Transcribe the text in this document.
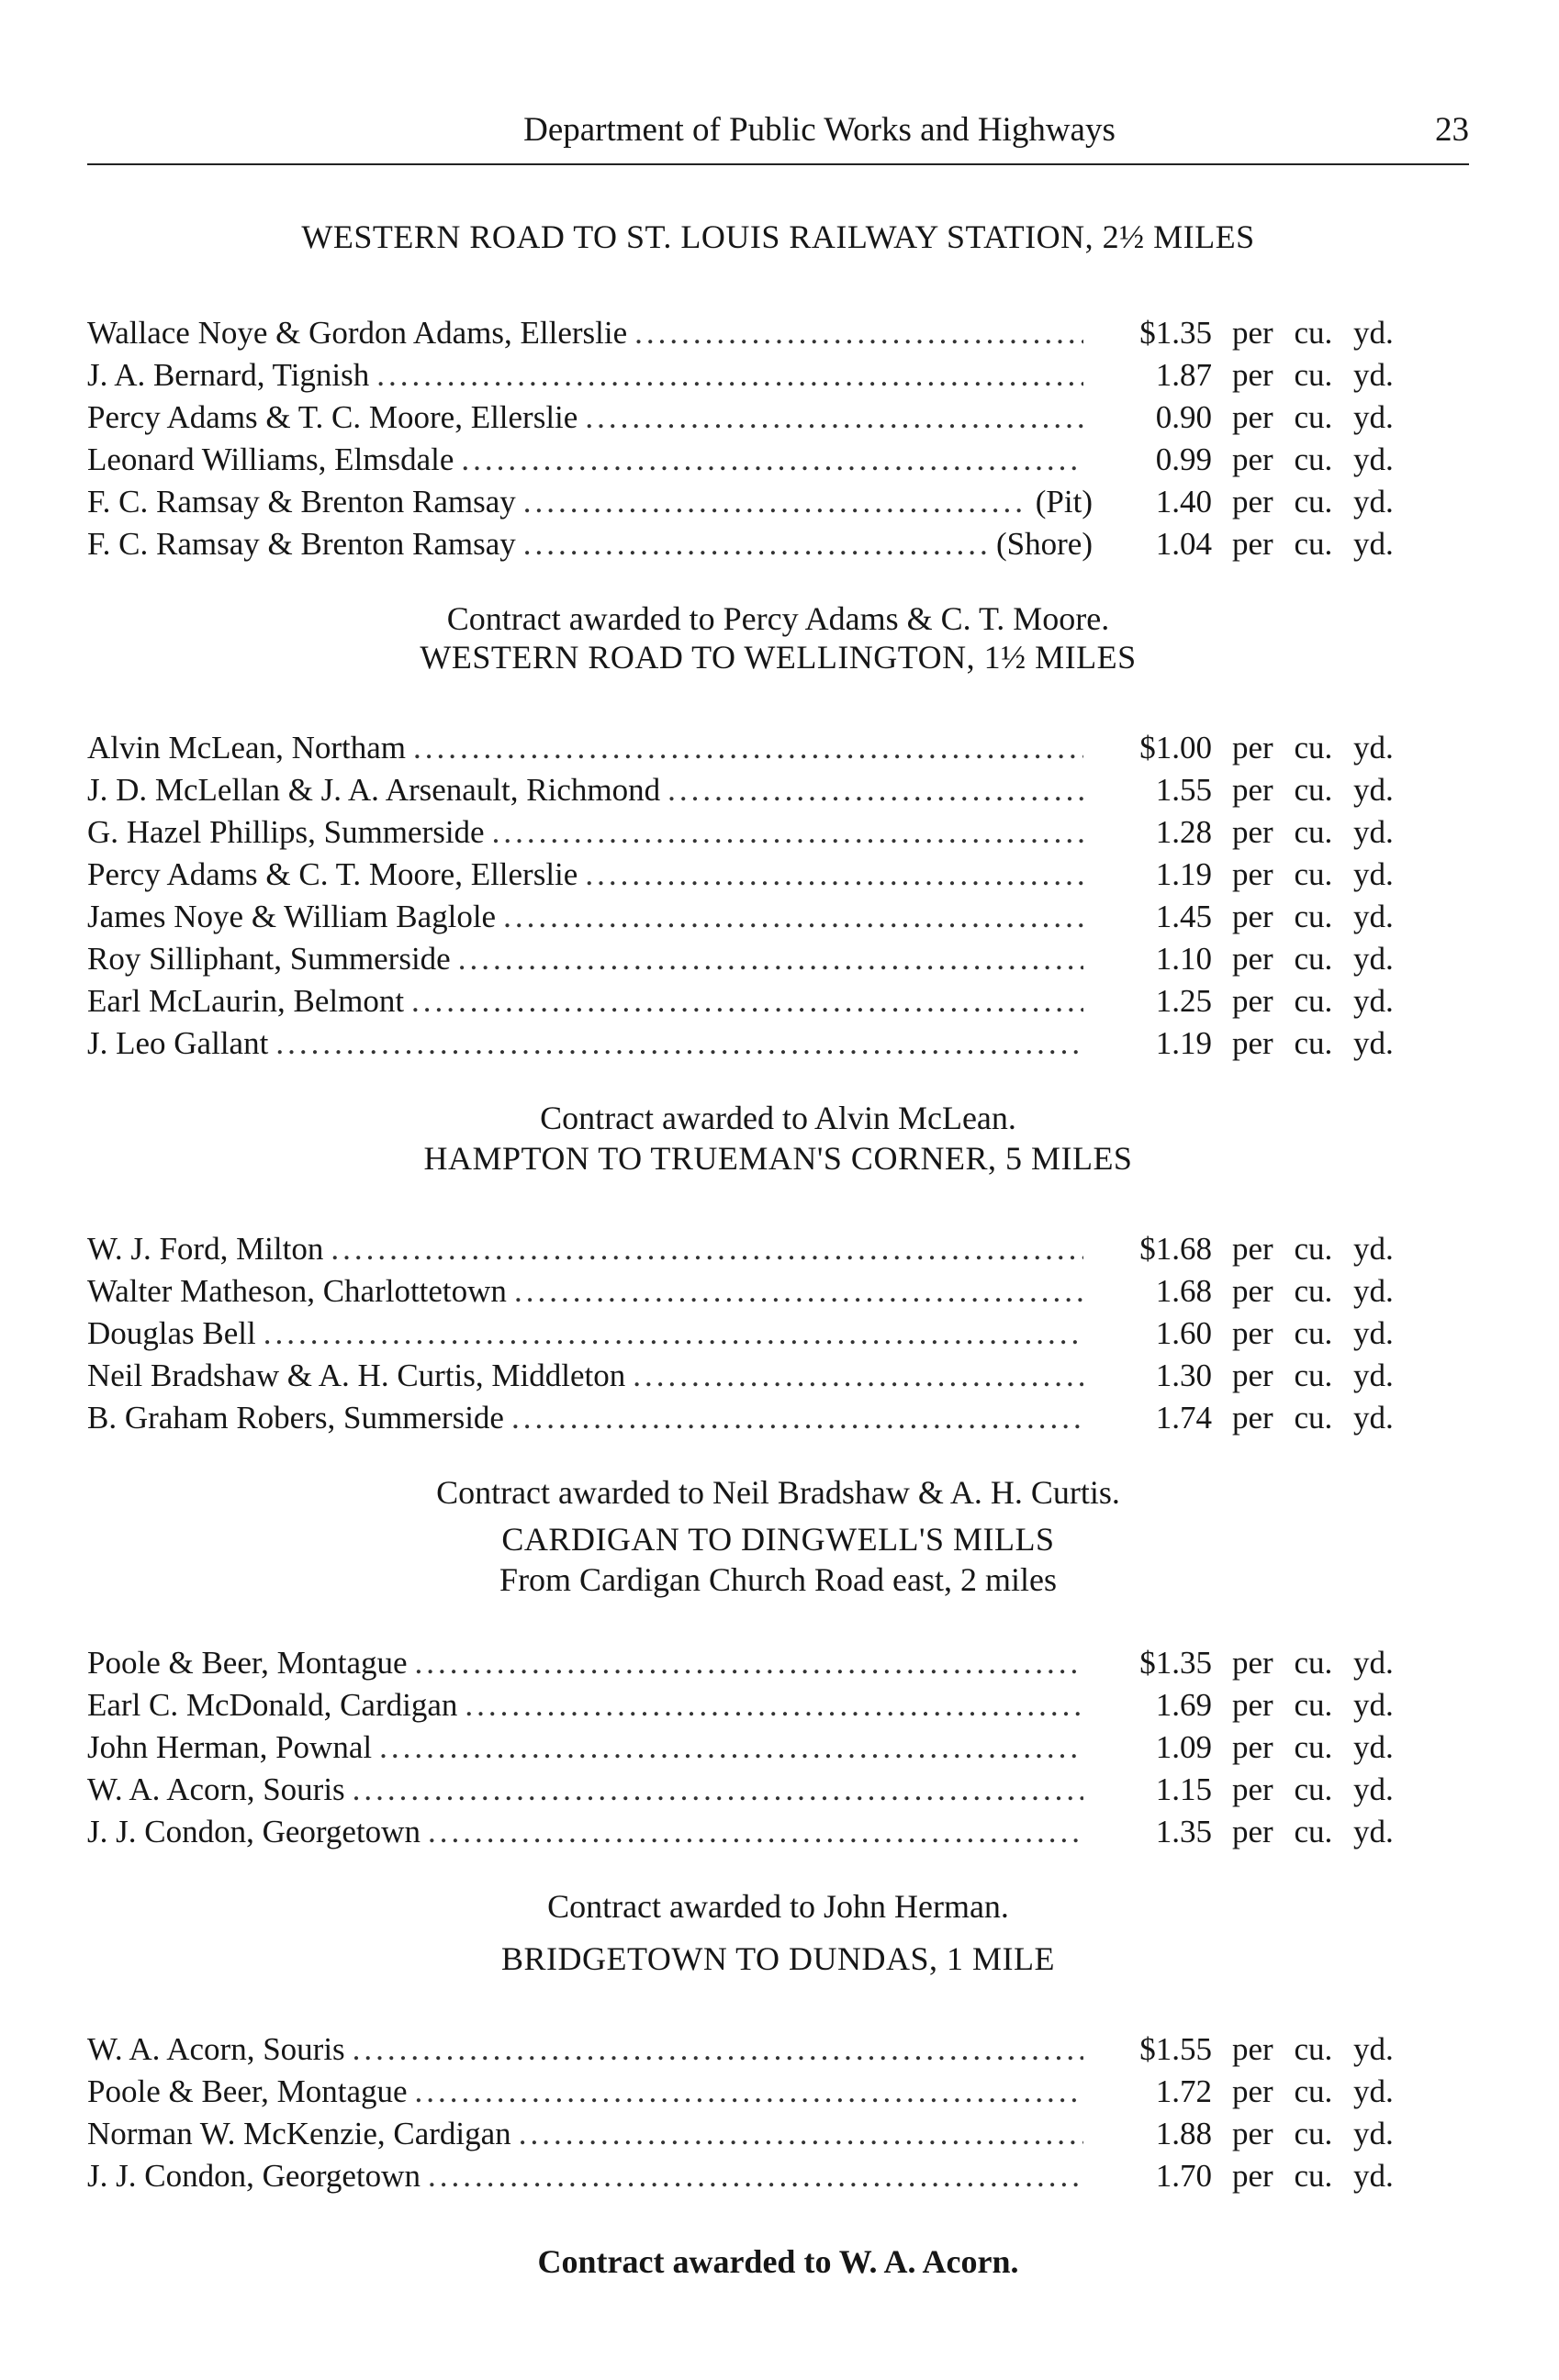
Department of Public Works and Highways	23

WESTERN ROAD TO ST. LOUIS RAILWAY STATION, 2½ MILES

Wallace Noye & Gordon Adams, Ellerslie .....	$1.35 per cu. yd.
J. A. Bernard, Tignish .....	1.87 per cu. yd.
Percy Adams & T. C. Moore, Ellerslie .....	0.90 per cu. yd.
Leonard Williams, Elmsdale .....	0.99 per cu. yd.
F. C. Ramsay & Brenton Ramsay .....	(Pit)	1.40 per cu. yd.
F. C. Ramsay & Brenton Ramsay .....	(Shore)	1.04 per cu. yd.

Contract awarded to Percy Adams & C. T. Moore.

WESTERN ROAD TO WELLINGTON, 1½ MILES

Alvin McLean, Northam .....	$1.00 per cu. yd.
J. D. McLellan & J. A. Arsenault, Richmond .....	1.55 per cu. yd.
G. Hazel Phillips, Summerside .....	1.28 per cu. yd.
Percy Adams & C. T. Moore, Ellerslie .....	1.19 per cu. yd.
James Noye & William Baglole .....	1.45 per cu. yd.
Roy Silliphant, Summerside .....	1.10 per cu. yd.
Earl McLaurin, Belmont .....	1.25 per cu. yd.
J. Leo Gallant .....	1.19 per cu. yd.

Contract awarded to Alvin McLean.

HAMPTON TO TRUEMAN'S CORNER, 5 MILES

W. J. Ford, Milton .....	$1.68 per cu. yd.
Walter Matheson, Charlottetown .....	1.68 per cu. yd.
Douglas Bell .....	1.60 per cu. yd.
Neil Bradshaw & A. H. Curtis, Middleton .....	1.30 per cu. yd.
B. Graham Robers, Summerside .....	1.74 per cu. yd.

Contract awarded to Neil Bradshaw & A. H. Curtis.

CARDIGAN TO DINGWELL'S MILLS

From Cardigan Church Road east, 2 miles

Poole & Beer, Montague .....	$1.35 per cu. yd.
Earl C. McDonald, Cardigan .....	1.69 per cu. yd.
John Herman, Pownal .....	1.09 per cu. yd.
W. A. Acorn, Souris .....	1.15 per cu. yd.
J. J. Condon, Georgetown .....	1.35 per cu. yd.

Contract awarded to John Herman.

BRIDGETOWN TO DUNDAS, 1 MILE

W. A. Acorn, Souris .....	$1.55 per cu. yd.
Poole & Beer, Montague .....	1.72 per cu. yd.
Norman W. McKenzie, Cardigan .....	1.88 per cu. yd.
J. J. Condon, Georgetown .....	1.70 per cu. yd.

Contract awarded to W. A. Acorn.
